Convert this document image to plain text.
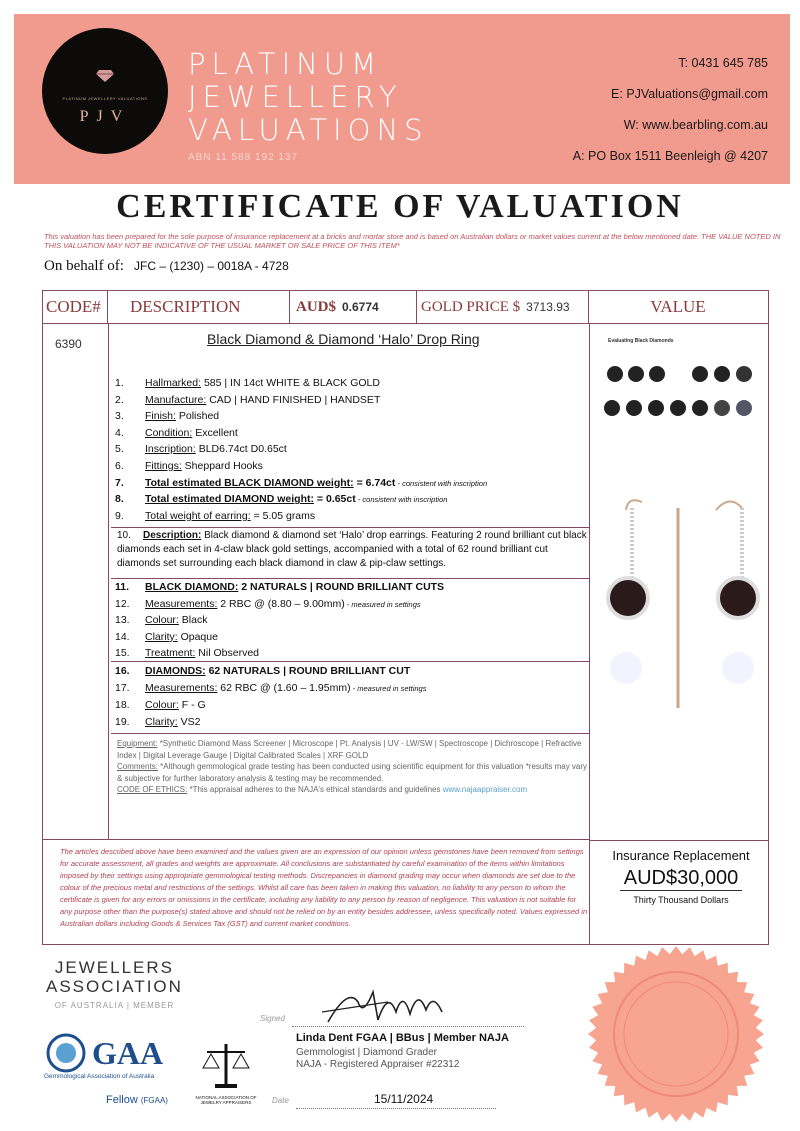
PLATINUM JEWELLERY VALUATIONS
PJV
PLATINUM
JEWELLERY
VALUATIONS
ABN 11 588 192 137
T: 0431 645 785
E: PJValuations@gmail.com
W: www.bearbling.com.au
A: PO Box 1511 Beenleigh @ 4207
CERTIFICATE OF VALUATION
This valuation has been prepared for the sole purpose of insurance replacement at a bricks and mortar store and is based on Australian dollars or market values current at the below mentioned date. THE VALUE NOTED IN THIS VALUATION MAY NOT BE INDICATIVE OF THE USUAL MARKET OR SALE PRICE OF THIS ITEM*
On behalf of: JFC – (1230) – 0018A - 4728
CODE#	DESCRIPTION	AUD$ 0.6774	GOLD PRICE $ 3713.93	VALUE
6390	Black Diamond & Diamond ‘Halo’ Drop Ring
1.	Hallmarked: 585 | IN 14ct WHITE & BLACK GOLD
2.	Manufacture: CAD | HAND FINISHED | HANDSET
3.	Finish: Polished
4.	Condition: Excellent
5.	Inscription: BLD6.74ct D0.65ct
6.	Fittings: Sheppard Hooks
7.	Total estimated BLACK DIAMOND weight: = 6.74ct - consistent with inscription
8.	Total estimated DIAMOND weight: = 0.65ct - consistent with inscription
9.	Total weight of earring: = 5.05 grams
10. Description: Black diamond & diamond set ‘Halo’ drop earrings. Featuring 2 round brilliant cut black diamonds each set in 4-claw black gold settings, accompanied with a total of 62 round brilliant cut diamonds set surrounding each black diamond in claw & pip-claw settings.
11.	BLACK DIAMOND: 2 NATURALS | ROUND BRILLIANT CUTS
12.	Measurements: 2 RBC @ (8.80 – 9.00mm) - measured in settings
13.	Colour: Black
14.	Clarity: Opaque
15.	Treatment: Nil Observed
16.	DIAMONDS: 62 NATURALS | ROUND BRILLIANT CUT
17.	Measurements: 62 RBC @ (1.60 – 1.95mm) - measured in settings
18.	Colour: F - G
19.	Clarity: VS2
Equipment: *Synthetic Diamond Mass Screener | Microscope | Pt. Analysis | UV - LW/SW | Spectroscope | Dichroscope | Refractive Index | Digital Leverage Gauge | Digital Calibrated Scales | XRF GOLD
Comments: *Although gemmological grade testing has been conducted using scientific equipment for this valuation *results may vary & subjective for further laboratory analysis & testing may be recommended.
CODE OF ETHICS: *This appraisal adheres to the NAJA's ethical standards and guidelines www.najaappraiser.com
Evaluating Black Diamonds
The articles described above have been examined and the values given are an expression of our opinion unless gemstones have been removed from settings for accurate assessment, all grades and weights are approximate. All conclusions are substantiated by careful examination of the items within limitations imposed by their settings using appropriate gemmological testing methods. Discrepancies in diamond grading may occur when diamonds are set due to the colour of the precious metal and restrictions of the settings. Whilst all care has been taken in making this valuation, no liability to any person to whom the certificate is given for any errors or omissions in the certificate, including any liability to any person by reason of negligence. This valuation is not suitable for any purpose other than the purpose(s) stated above and should not be relied on by an entity besides addressee, unless specifically noted. Values expressed in Australian dollars including Goods & Services Tax (GST) and current market conditions.
Insurance Replacement
AUD$30,000
Thirty Thousand Dollars
JEWELLERS
ASSOCIATION
OF AUSTRALIA | MEMBER
GAA
Gemmological Association of Australia
Fellow (FGAA)	NATIONAL ASSOCIATION OF JEWELRY APPRAISERS
Signed
Linda Dent FGAA | BBus | Member NAJA
Gemmologist | Diamond Grader
NAJA - Registered Appraiser #22312
Date	15/11/2024
